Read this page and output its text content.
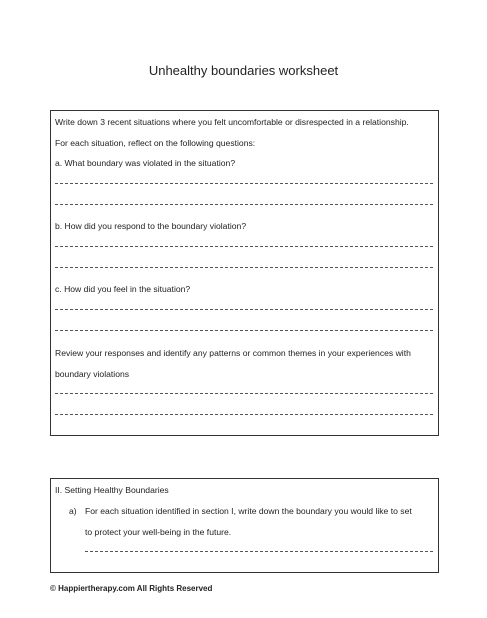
Unhealthy boundaries worksheet
Write down 3 recent situations where you felt uncomfortable or disrespected in a relationship.
For each situation, reflect on the following questions:
a. What boundary was violated in the situation?
b. How did you respond to the boundary violation?
c. How did you feel in the situation?
Review your responses and identify any patterns or common themes in your experiences with
boundary violations
II. Setting Healthy Boundaries
a) For each situation identified in section I, write down the boundary you would like to set
to protect your well-being in the future.
© Happiertherapy.com All Rights Reserved
